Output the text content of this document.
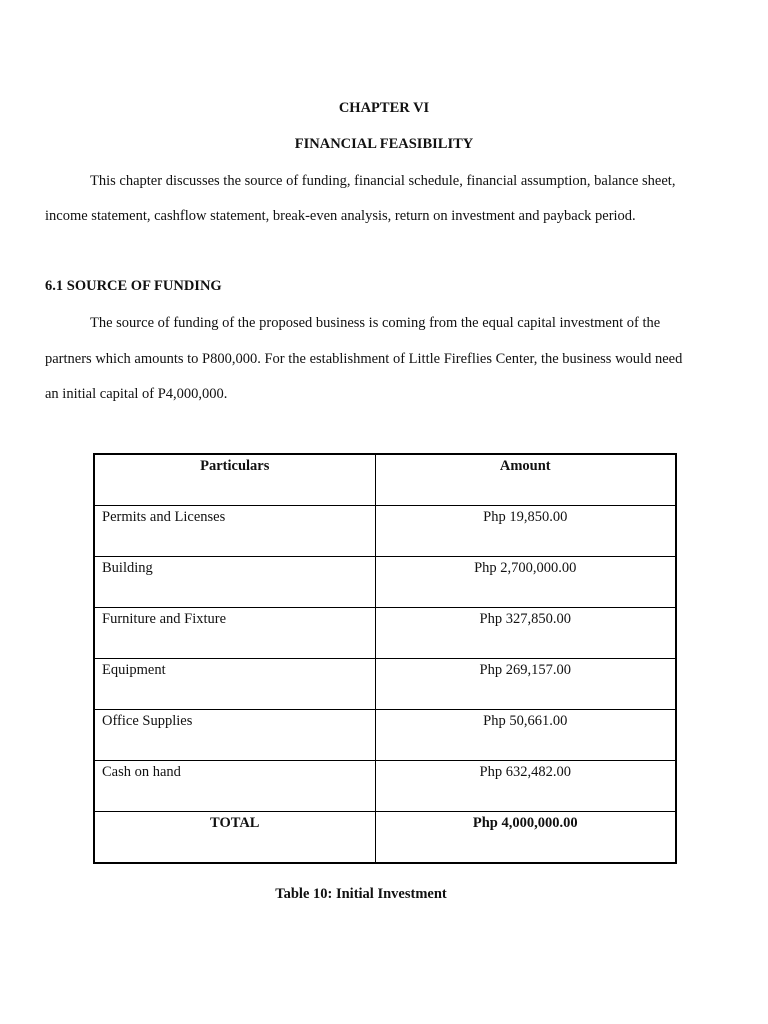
CHAPTER VI
FINANCIAL FEASIBILITY
This chapter discusses the source of funding, financial schedule, financial assumption, balance sheet,
income statement, cashflow statement, break-even analysis, return on investment and payback period.
6.1 SOURCE OF FUNDING
The source of funding of the proposed business is coming from the equal capital investment of the
partners which amounts to P800,000. For the establishment of Little Fireflies Center, the business would need
an initial capital of P4,000,000.
Particulars	Amount
Permits and Licenses	Php 19,850.00
Building	Php 2,700,000.00
Furniture and Fixture	Php 327,850.00
Equipment	Php 269,157.00
Office Supplies	Php 50,661.00
Cash on hand	Php 632,482.00
TOTAL	Php 4,000,000.00
Table 10: Initial Investment
